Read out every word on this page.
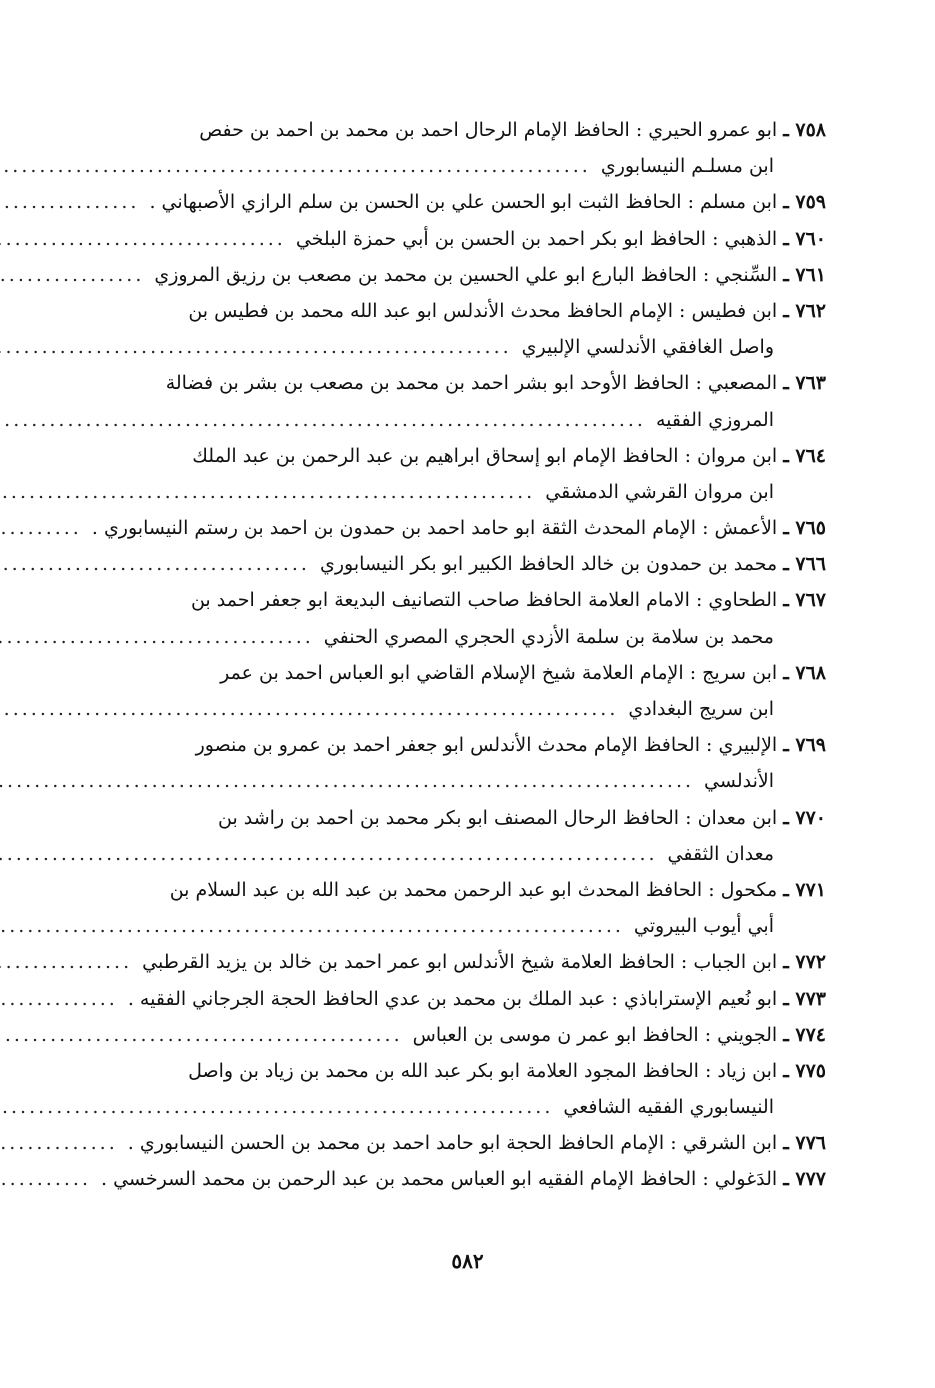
٧٥٨ ـ
ابو عمرو الحيري : الحافظ الإمام الرحال احمد بن محمد بن احمد بن حفص
ابن مسلـم النيسابوري
.....
٧٥٩ ـ
ابن مسلم : الحافظ الثبت ابو الحسن علي بن الحسن بن سلم الرازي الأصبهاني .
.....
٧٦٠ ـ
الذهبي : الحافظ ابو بكر احمد بن الحسن بن أبي حمزة البلخي
.....
٧٦١ ـ
السِّنجي : الحافظ البارع ابو علي الحسين بن محمد بن مصعب بن رزيق المروزي
.....
٧٦٢ ـ
ابن فطيس : الإمام الحافظ محدث الأندلس ابو عبد الله محمد بن فطيس بن
واصل الغافقي الأندلسي الإلبيري
.....
٧٦٣ ـ
المصعبي : الحافظ الأوحد ابو بشر احمد بن محمد بن مصعب بن بشر بن فضالة
المروزي الفقيه
.....
٧٦٤ ـ
ابن مروان : الحافظ الإمام ابو إسحاق ابراهيم بن عبد الرحمن بن عبد الملك
ابن مروان القرشي الدمشقي
.....
٧٦٥ ـ
الأعمش : الإمام المحدث الثقة ابو حامد احمد بن حمدون بن احمد بن رستم النيسابوري .
.....
٧٦٦ ـ
محمد بن حمدون بن خالد الحافظ الكبير ابو بكر النيسابوري
.....
٧٦٧ ـ
الطحاوي : الامام العلامة الحافظ صاحب التصانيف البديعة ابو جعفر احمد بن
محمد بن سلامة بن سلمة الأزدي الحجري المصري الحنفي
.....
٧٦٨ ـ
ابن سريج : الإمام العلامة شيخ الإسلام القاضي ابو العباس احمد بن عمر
ابن سريج البغدادي
.....
٧٦٩ ـ
الإلبيري : الحافظ الإمام محدث الأندلس ابو جعفر احمد بن عمرو بن منصور
الأندلسي
.....
٧٧٠ ـ
ابن معدان : الحافظ الرحال المصنف ابو بكر محمد بن احمد بن راشد بن
معدان الثقفي
.....
٧٧١ ـ
مكحول : الحافظ المحدث ابو عبد الرحمن محمد بن عبد الله بن عبد السلام بن
أبي أيوب البيروتي
.....
٧٧٢ ـ
ابن الجباب : الحافظ العلامة شيخ الأندلس ابو عمر احمد بن خالد بن يزيد القرطبي
.....
٧٧٣ ـ
ابو نُعيم الإستراباذي : عبد الملك بن محمد بن عدي الحافظ الحجة الجرجاني الفقيه .
.....
٧٧٤ ـ
الجويني : الحافظ ابو عمر ن موسى بن العباس
.....
٧٧٥ ـ
ابن زياد : الحافظ المجود العلامة ابو بكر عبد الله بن محمد بن زياد بن واصل
النيسابوري الفقيه الشافعي
.....
٧٧٦ ـ
ابن الشرقي : الإمام الحافظ الحجة ابو حامد احمد بن محمد بن الحسن النيسابوري .
.....
٧٧٧ ـ
الدَغولي : الحافظ الإمام الفقيه ابو العباس محمد بن عبد الرحمن بن محمد السرخسي .
.....
٥٨٢
